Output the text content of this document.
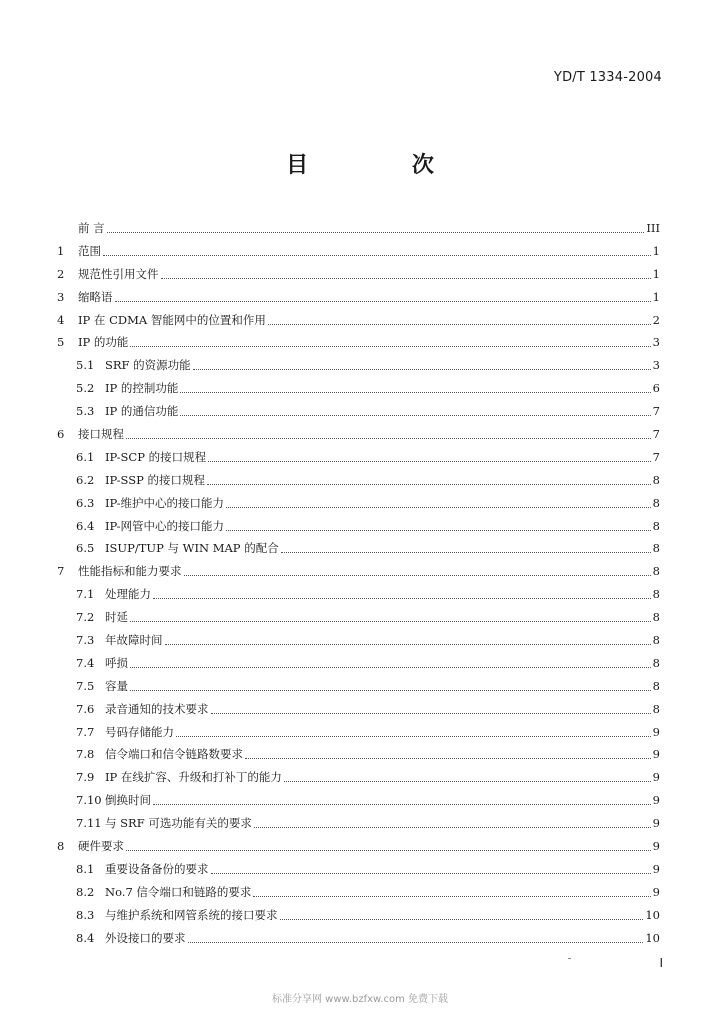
YD/T 1334-2004
目 次
前 言	III
1	范围	1
2	规范性引用文件	1
3	缩略语	1
4	IP 在 CDMA 智能网中的位置和作用	2
5	IP 的功能	3
5.1 SRF 的资源功能	3
5.2 IP 的控制功能	6
5.3 IP 的通信功能	7
6	接口规程	7
6.1 IP-SCP 的接口规程	7
6.2 IP-SSP 的接口规程	8
6.3 IP-维护中心的接口能力	8
6.4 IP-网管中心的接口能力	8
6.5 ISUP/TUP 与 WIN MAP 的配合	8
7	性能指标和能力要求	8
7.1 处理能力	8
7.2 时延	8
7.3 年故障时间	8
7.4 呼损	8
7.5 容量	8
7.6 录音通知的技术要求	8
7.7 号码存储能力	9
7.8 信令端口和信令链路数要求	9
7.9 IP 在线扩容、升级和打补丁的能力	9
7.10 倒换时间	9
7.11 与 SRF 可选功能有关的要求	9
8	硬件要求	9
8.1 重要设备备份的要求	9
8.2 No.7 信令端口和链路的要求	9
8.3 与维护系统和网管系统的接口要求	10
8.4 外设接口的要求	10
I
标准分享网 www.bzfxw.com 免费下载
